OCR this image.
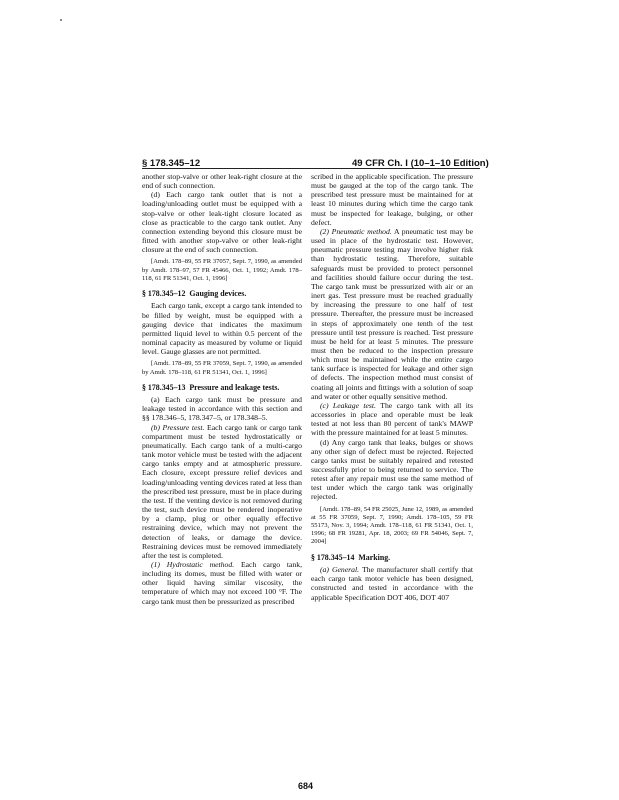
§ 178.345–12	49 CFR Ch. I (10–1–10 Edition)

another stop-valve or other leak-right closure at the end of such connection.

(d) Each cargo tank outlet that is not a loading/unloading outlet must be equipped with a stop-valve or other leak-tight closure located as close as practicable to the cargo tank outlet. Any connection extending beyond this closure must be fitted with another stop-valve or other leak-right closure at the end of such connection.

[Amdt. 178–89, 55 FR 37057, Sept. 7, 1990, as amended by Amdt. 178–97, 57 FR 45466, Oct. 1, 1992; Amdt. 178–118, 61 FR 51341, Oct. 1, 1996]

§ 178.345–12 Gauging devices.

Each cargo tank, except a cargo tank intended to be filled by weight, must be equipped with a gauging device that indicates the maximum permitted liquid level to within 0.5 percent of the nominal capacity as measured by volume or liquid level. Gauge glasses are not permitted.

[Amdt. 178–89, 55 FR 37059, Sept. 7, 1990, as amended by Amdt. 178–118, 61 FR 51341, Oct. 1, 1996]

§ 178.345–13 Pressure and leakage tests.

(a) Each cargo tank must be pressure and leakage tested in accordance with this section and §§ 178.346–5, 178.347–5, or 178.348–5.

(b) Pressure test. Each cargo tank or cargo tank compartment must be tested hydrostatically or pneumatically. Each cargo tank of a multi-cargo tank motor vehicle must be tested with the adjacent cargo tanks empty and at atmospheric pressure. Each closure, except pressure relief devices and loading/unloading venting devices rated at less than the prescribed test pressure, must be in place during the test. If the venting device is not removed during the test, such device must be rendered inoperative by a clamp, plug or other equally effective restraining device, which may not prevent the detection of leaks, or damage the device. Restraining devices must be removed immediately after the test is completed.

(1) Hydrostatic method. Each cargo tank, including its domes, must be filled with water or other liquid having similar viscosity, the temperature of which may not exceed 100 °F. The cargo tank must then be pressurized as prescribed

scribed in the applicable specification. The pressure must be gauged at the top of the cargo tank. The prescribed test pressure must be maintained for at least 10 minutes during which time the cargo tank must be inspected for leakage, bulging, or other defect.

(2) Pneumatic method. A pneumatic test may be used in place of the hydrostatic test. However, pneumatic pressure testing may involve higher risk than hydrostatic testing. Therefore, suitable safeguards must be provided to protect personnel and facilities should failure occur during the test. The cargo tank must be pressurized with air or an inert gas. Test pressure must be reached gradually by increasing the pressure to one half of test pressure. Thereafter, the pressure must be increased in steps of approximately one tenth of the test pressure until test pressure is reached. Test pressure must be held for at least 5 minutes. The pressure must then be reduced to the inspection pressure which must be maintained while the entire cargo tank surface is inspected for leakage and other sign of defects. The inspection method must consist of coating all joints and fittings with a solution of soap and water or other equally sensitive method.

(c) Leakage test. The cargo tank with all its accessories in place and operable must be leak tested at not less than 80 percent of tank's MAWP with the pressure maintained for at least 5 minutes.

(d) Any cargo tank that leaks, bulges or shows any other sign of defect must be rejected. Rejected cargo tanks must be suitably repaired and retested successfully prior to being returned to service. The retest after any repair must use the same method of test under which the cargo tank was originally rejected.

[Amdt. 178–89, 54 FR 25025, June 12, 1989, as amended at 55 FR 37059, Sept. 7, 1990; Amdt. 178–105, 59 FR 55173, Nov. 3, 1994; Amdt. 178–118, 61 FR 51341, Oct. 1, 1996; 68 FR 19281, Apr. 18, 2003; 69 FR 54046, Sept. 7, 2004]

§ 178.345–14 Marking.

(a) General. The manufacturer shall certify that each cargo tank motor vehicle has been designed, constructed and tested in accordance with the applicable Specification DOT 406, DOT 407

684
